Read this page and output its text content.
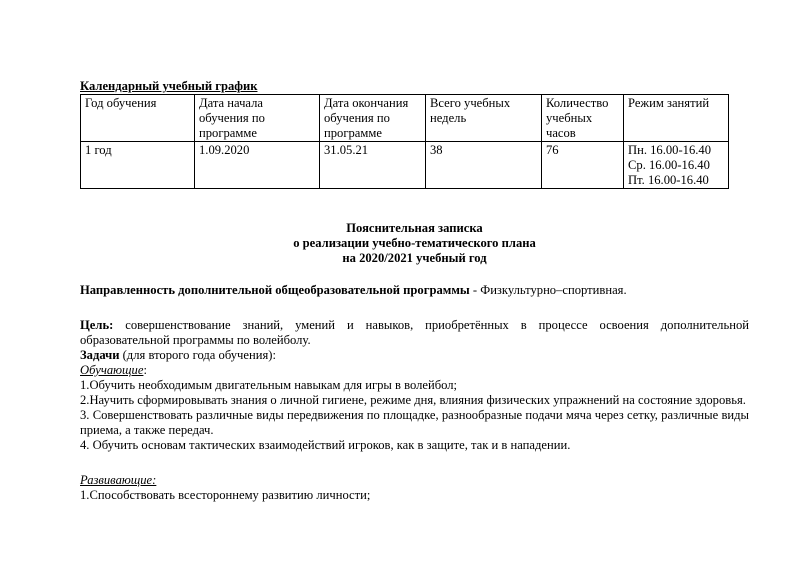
Календарный учебный график
Год обучения	Дата начала обучения по программе	Дата окончания обучения по программе	Всего учебных недель	Количество учебных часов	Режим занятий
1 год	1.09.2020	31.05.21	38	76	Пн. 16.00-16.40
Ср. 16.00-16.40
Пт. 16.00-16.40
Пояснительная записка
о реализации учебно-тематического плана
на 2020/2021 учебный год

Направленность дополнительной общеобразовательной программы - Физкультурно–спортивная.

Цель: совершенствование знаний, умений и навыков, приобретённых в процессе освоения дополнительной образовательной программы по волейболу.

Задачи (для второго года обучения):

Обучающие:

1.Обучить необходимым двигательным навыкам для игры в волейбол;

2.Научить сформировывать знания о личной гигиене, режиме дня, влияния физических упражнений на состояние здоровья.

3. Совершенствовать различные виды передвижения по площадке, разнообразные подачи мяча через сетку, различные виды приема, а также передач.

4. Обучить основам тактических взаимодействий игроков, как в защите, так и в нападении.

Развивающие:

1.Способствовать всестороннему развитию личности;
